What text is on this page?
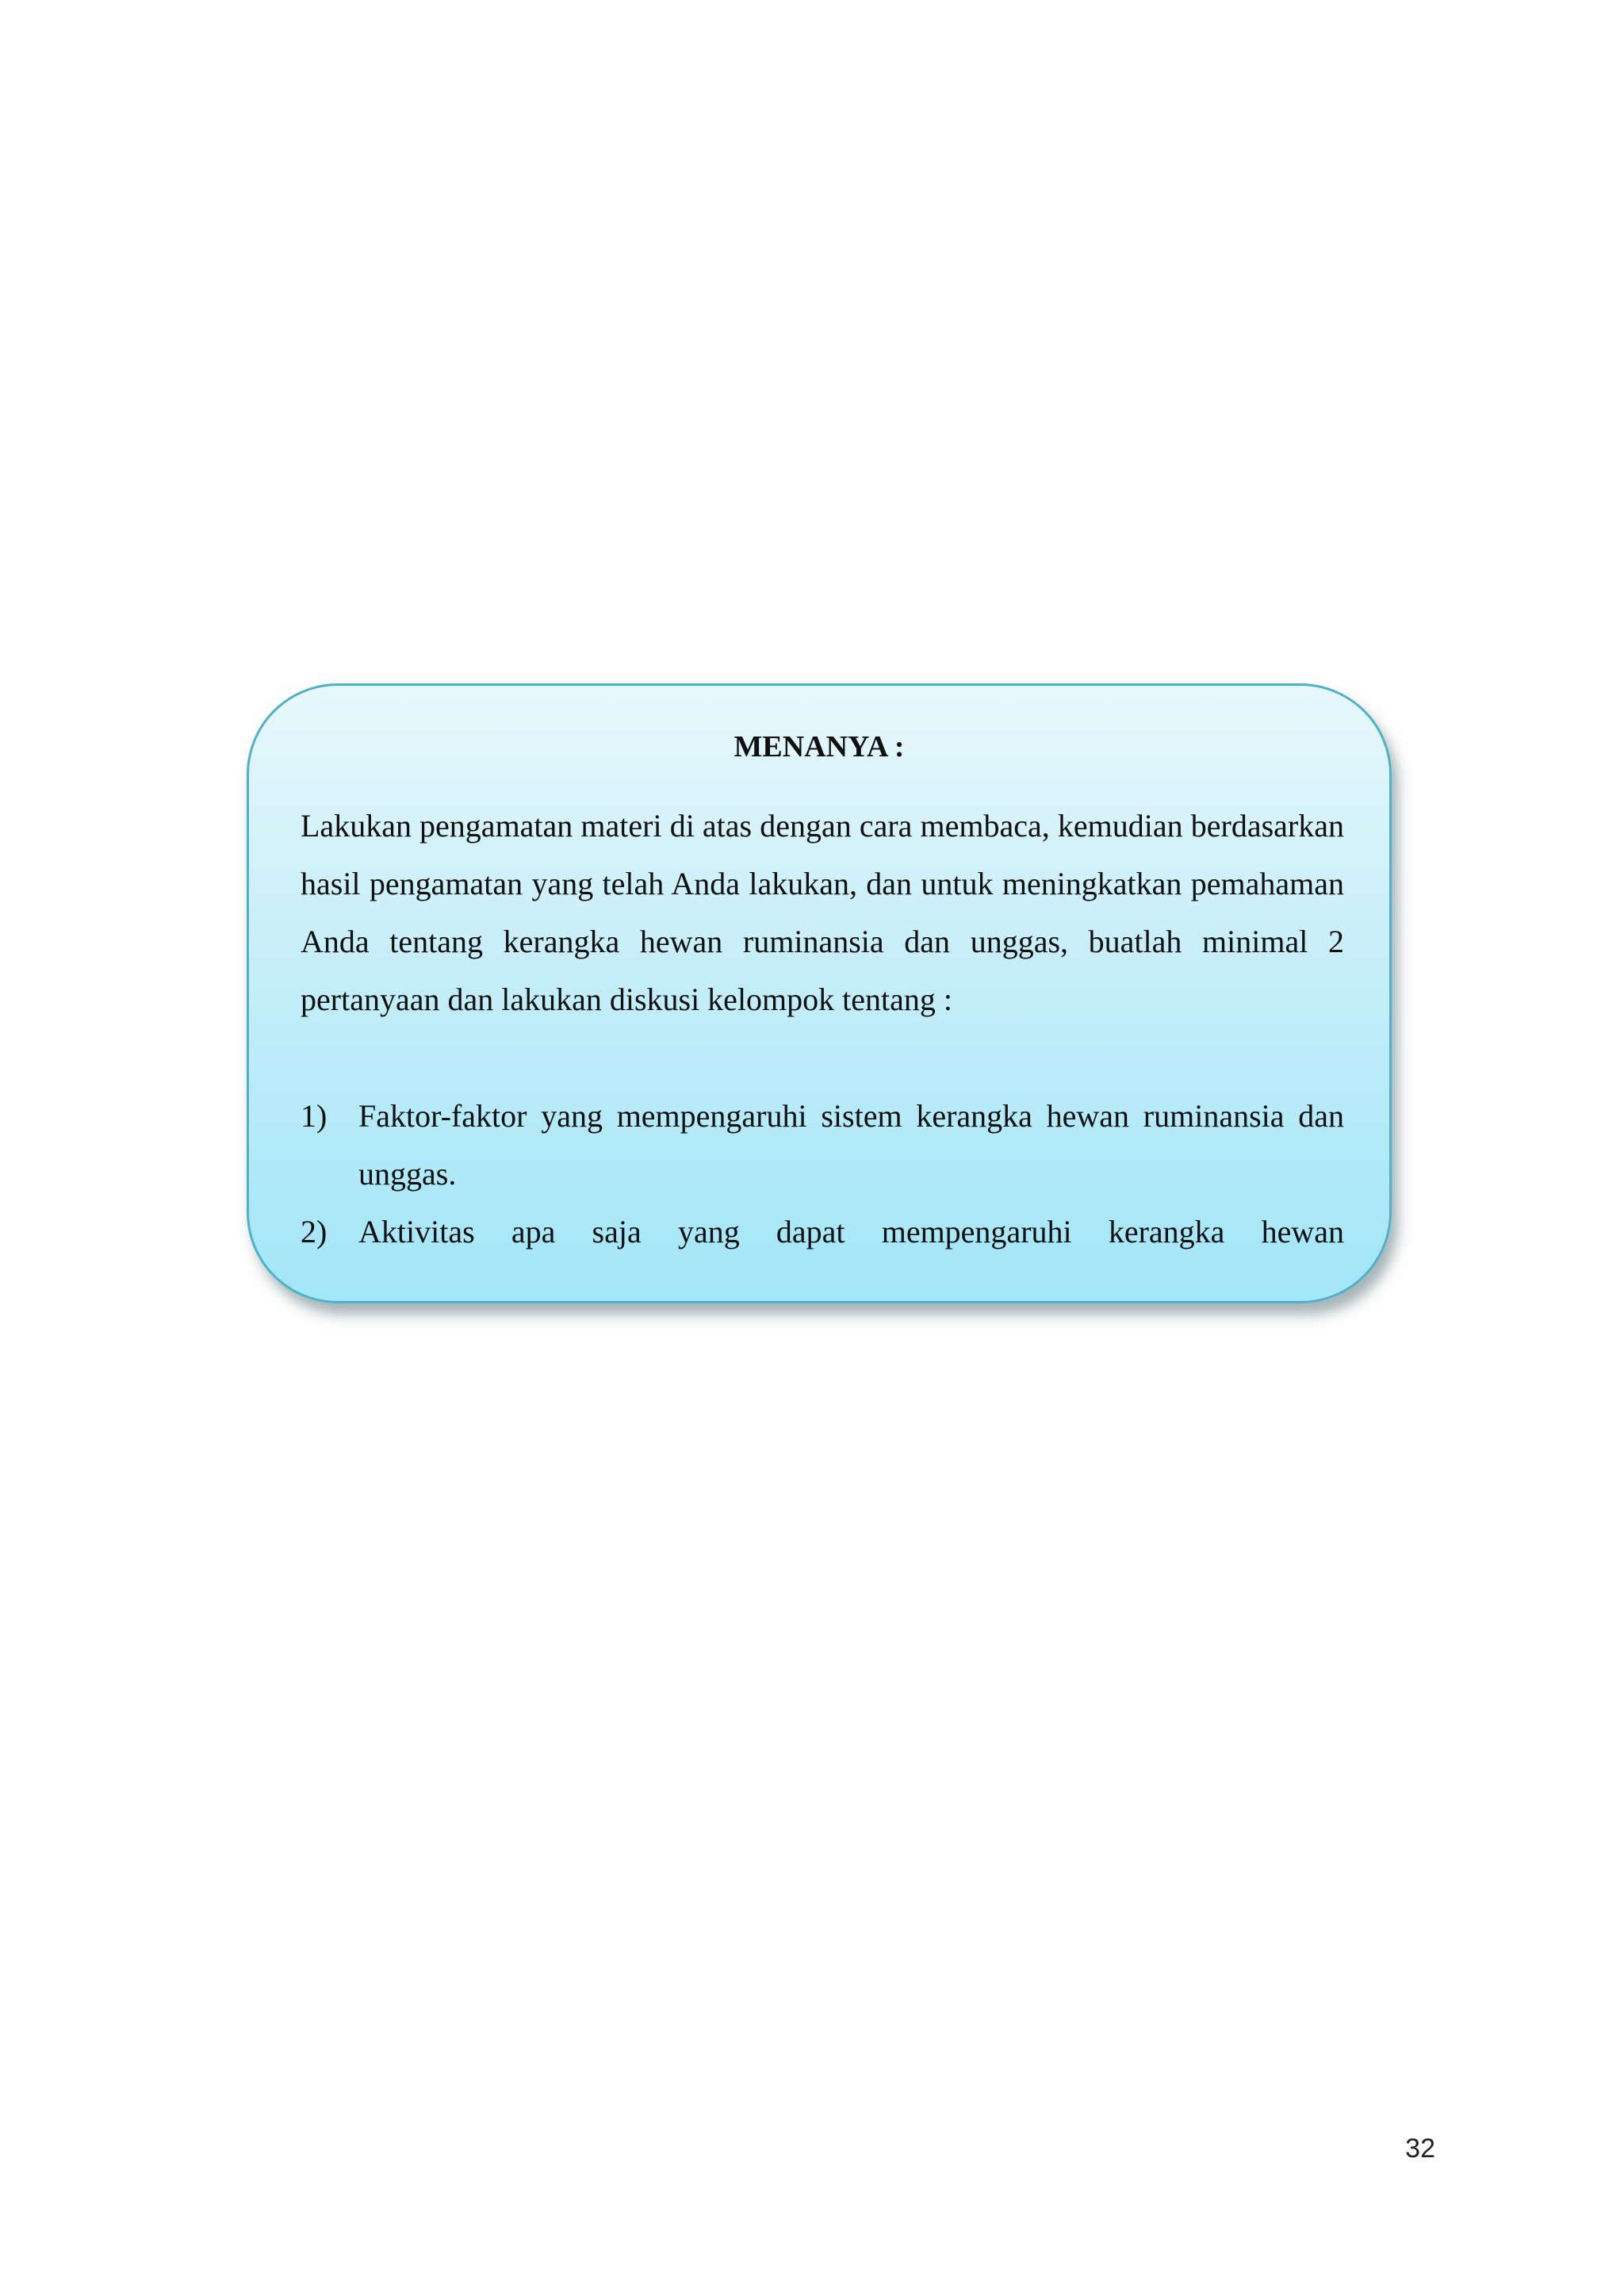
MENANYA :
Lakukan pengamatan materi di atas dengan cara membaca, kemudian berdasarkan hasil pengamatan yang telah Anda lakukan, dan untuk meningkatkan pemahaman Anda tentang kerangka hewan ruminansia dan unggas, buatlah minimal 2 pertanyaan dan lakukan diskusi kelompok tentang :
1) Faktor-faktor yang mempengaruhi sistem kerangka hewan ruminansia dan unggas.
2) Aktivitas apa saja yang dapat mempengaruhi kerangka hewan
32
